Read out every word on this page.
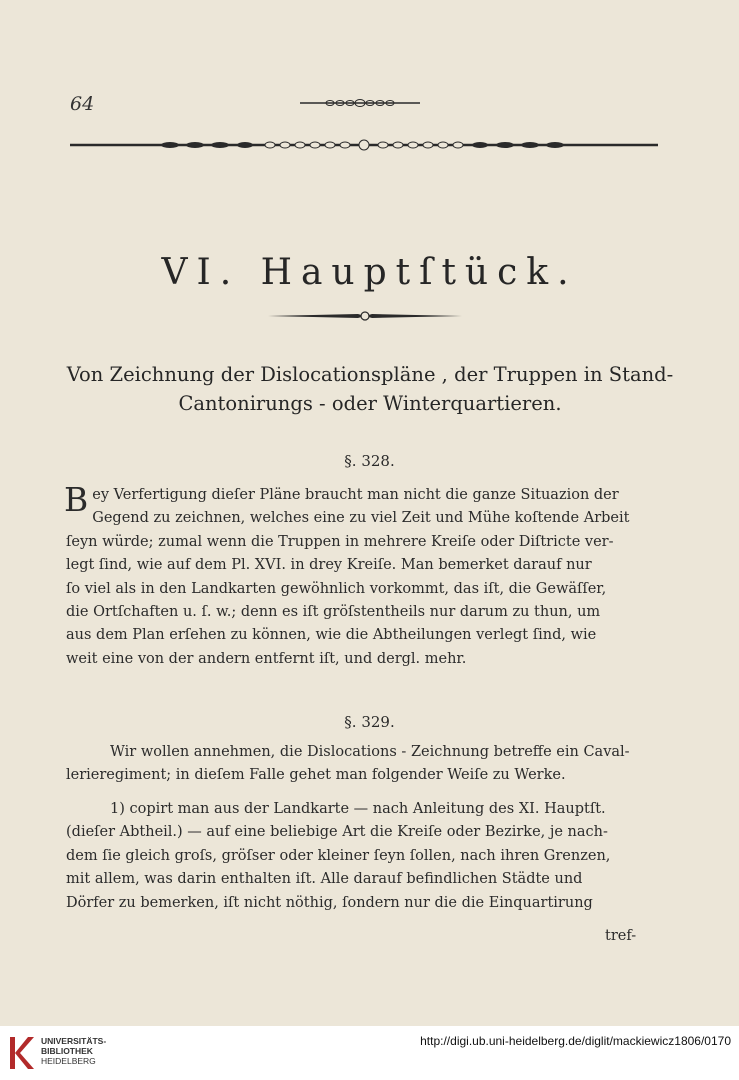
64
VI. Hauptſtück.
Von Zeichnung der Dislocationspläne , der Truppen in Stand-
Cantonirungs - oder Winterquartieren.
§. 328.
Bey Verfertigung dieſer Pläne braucht man nicht die ganze Situazion der
Gegend zu zeichnen, welches eine zu viel Zeit und Mühe koſtende Arbeit
ſeyn würde; zumal wenn die Truppen in mehrere Kreiſe oder Diſtricte ver-
legt ſind, wie auf dem Pl. XVI. in drey Kreiſe. Man bemerket darauf nur
ſo viel als in den Landkarten gewöhnlich vorkommt, das iſt, die Gewäſſer,
die Ortſchaften u. ſ. w.; denn es iſt gröſstentheils nur darum zu thun, um
aus dem Plan erſehen zu können, wie die Abtheilungen verlegt ſind, wie
weit eine von der andern entfernt iſt, und dergl. mehr.
§. 329.
Wir wollen annehmen, die Dislocations - Zeichnung betreffe ein Caval-
lerieregiment; in dieſem Falle gehet man folgender Weiſe zu Werke.
1) copirt man aus der Landkarte — nach Anleitung des XI. Hauptſt.
(dieſer Abtheil.) — auf eine beliebige Art die Kreiſe oder Bezirke, je nach-
dem ſie gleich groſs, gröſser oder kleiner ſeyn ſollen, nach ihren Grenzen,
mit allem, was darin enthalten iſt. Alle darauf befindlichen Städte und
Dörfer zu bemerken, iſt nicht nöthig, ſondern nur die die Einquartirung
tref-
UNIVERSITÄTS-
BIBLIOTHEK
HEIDELBERG
http://digi.ub.uni-heidelberg.de/diglit/mackiewicz1806/0170
